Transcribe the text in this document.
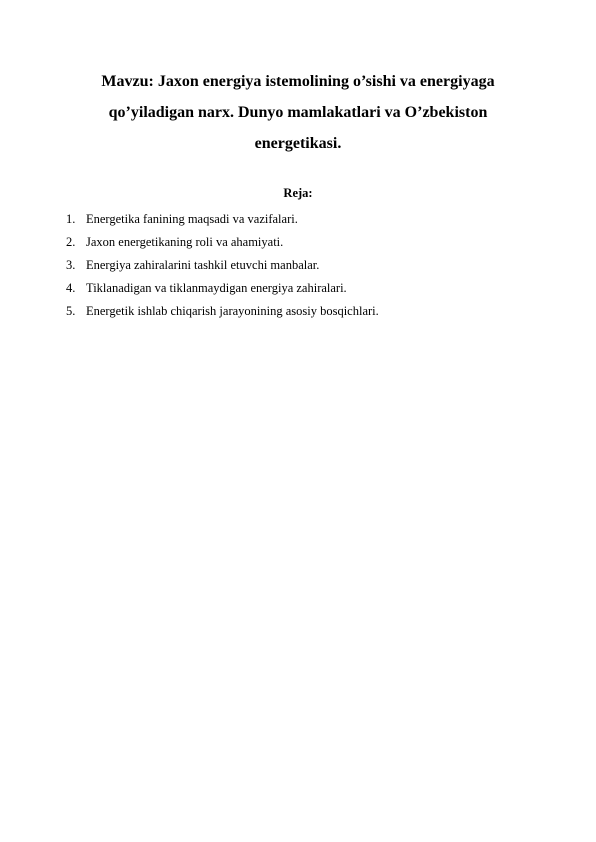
Mavzu: Jaxon energiya istemolining o’sishi va energiyaga
qo’yiladigan narx. Dunyo mamlakatlari va O’zbekiston
energetikasi.

Reja:

1. Energetika fanining maqsadi va vazifalari.
2. Jaxon energetikaning roli va ahamiyati.
3. Energiya zahiralarini tashkil etuvchi manbalar.
4. Tiklanadigan va tiklanmaydigan energiya zahiralari.
5. Energetik ishlab chiqarish jarayonining asosiy bosqichlari.
